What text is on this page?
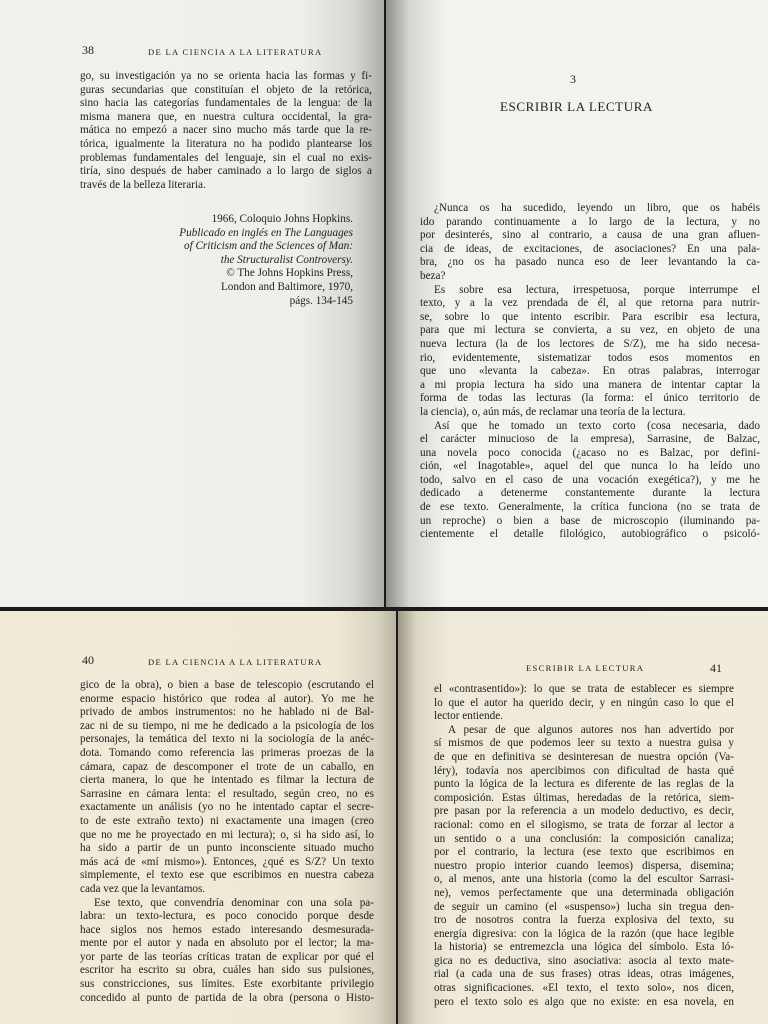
38	DE LA CIENCIA A LA LITERATURA
go, su investigación ya no se orienta hacia las formas y fi-
guras secundarias que constituían el objeto de la retórica,
sino hacia las categorías fundamentales de la lengua: de la
misma manera que, en nuestra cultura occidental, la gra-
mática no empezó a nacer sino mucho más tarde que la re-
tórica, igualmente la literatura no ha podido plantearse los
problemas fundamentales del lenguaje, sin el cual no exis-
tiría, sino después de haber caminado a lo largo de siglos a
través de la belleza literaria.
1966, Coloquio Johns Hopkins.
Publicado en inglés en The Languages
of Criticism and the Sciences of Man:
the Structuralist Controversy.
© The Johns Hopkins Press,
London and Baltimore, 1970,
págs. 134-145
3
ESCRIBIR LA LECTURA
¿Nunca os ha sucedido, leyendo un libro, que os habéis
ido parando continuamente a lo largo de la lectura, y no
por desinterés, sino al contrario, a causa de una gran afluen-
cia de ideas, de excitaciones, de asociaciones? En una pala-
bra, ¿no os ha pasado nunca eso de leer levantando la ca-
beza?
Es sobre esa lectura, irrespetuosa, porque interrumpe el
texto, y a la vez prendada de él, al que retorna para nutrir-
se, sobre lo que intento escribir. Para escribir esa lectura,
para que mi lectura se convierta, a su vez, en objeto de una
nueva lectura (la de los lectores de S/Z), me ha sido necesa-
rio, evidentemente, sistematizar todos esos momentos en
que uno «levanta la cabeza». En otras palabras, interrogar
a mi propia lectura ha sido una manera de intentar captar la
forma de todas las lecturas (la forma: el único territorio de
la ciencia), o, aún más, de reclamar una teoría de la lectura.
Así que he tomado un texto corto (cosa necesaria, dado
el carácter minucioso de la empresa), Sarrasine, de Balzac,
una novela poco conocida (¿acaso no es Balzac, por defini-
ción, «el Inagotable», aquel del que nunca lo ha leído uno
todo, salvo en el caso de una vocación exegética?), y me he
dedicado a detenerme constantemente durante la lectura
de ese texto. Generalmente, la crítica funciona (no se trata de
un reproche) o bien a base de microscopio (iluminando pa-
cientemente el detalle filológico, autobiográfico o psicoló-
40	DE LA CIENCIA A LA LITERATURA
gico de la obra), o bien a base de telescopio (escrutando el
enorme espacio histórico que rodea al autor). Yo me he
privado de ambos instrumentos: no he hablado ni de Bal-
zac ni de su tiempo, ni me he dedicado a la psicología de los
personajes, la temática del texto ni la sociología de la anéc-
dota. Tomando como referencia las primeras proezas de la
cámara, capaz de descomponer el trote de un caballo, en
cierta manera, lo que he intentado es filmar la lectura de
Sarrasine en cámara lenta: el resultado, según creo, no es
exactamente un análisis (yo no he intentado captar el secre-
to de este extraño texto) ni exactamente una imagen (creo
que no me he proyectado en mi lectura); o, si ha sido así, lo
ha sido a partir de un punto inconsciente situado mucho
más acá de «mí mismo»). Entonces, ¿qué es S/Z? Un texto
simplemente, el texto ese que escribimos en nuestra cabeza
cada vez que la levantamos.
Ese texto, que convendría denominar con una sola pa-
labra: un texto-lectura, es poco conocido porque desde
hace siglos nos hemos estado interesando desmesurada-
mente por el autor y nada en absoluto por el lector; la ma-
yor parte de las teorías críticas tratan de explicar por qué el
escritor ha escrito su obra, cuáles han sido sus pulsiones,
sus constricciones, sus límites. Este exorbitante privilegio
concedido al punto de partida de la obra (persona o Histo-
ESCRIBIR LA LECTURA	41
el «contrasentido»): lo que se trata de establecer es siempre
lo que el autor ha querido decir, y en ningún caso lo que el
lector entiende.
A pesar de que algunos autores nos han advertido por
sí mismos de que podemos leer su texto a nuestra guisa y
de que en definitiva se desinteresan de nuestra opción (Va-
léry), todavía nos apercibimos con dificultad de hasta qué
punto la lógica de la lectura es diferente de las reglas de la
composición. Estas últimas, heredadas de la retórica, siem-
pre pasan por la referencia a un modelo deductivo, es decir,
racional: como en el silogismo, se trata de forzar al lector a
un sentido o a una conclusión: la composición canaliza;
por el contrario, la lectura (ese texto que escribimos en
nuestro propio interior cuando leemos) dispersa, disemina;
o, al menos, ante una historia (como la del escultor Sarrasi-
ne), vemos perfectamente que una determinada obligación
de seguir un camino (el «suspenso») lucha sin tregua den-
tro de nosotros contra la fuerza explosiva del texto, su
energía digresiva: con la lógica de la razón (que hace legible
la historia) se entremezcla una lógica del símbolo. Esta ló-
gica no es deductiva, sino asociativa: asocia al texto mate-
rial (a cada una de sus frases) otras ideas, otras imágenes,
otras significaciones. «El texto, el texto solo», nos dicen,
pero el texto solo es algo que no existe: en esa novela, en
